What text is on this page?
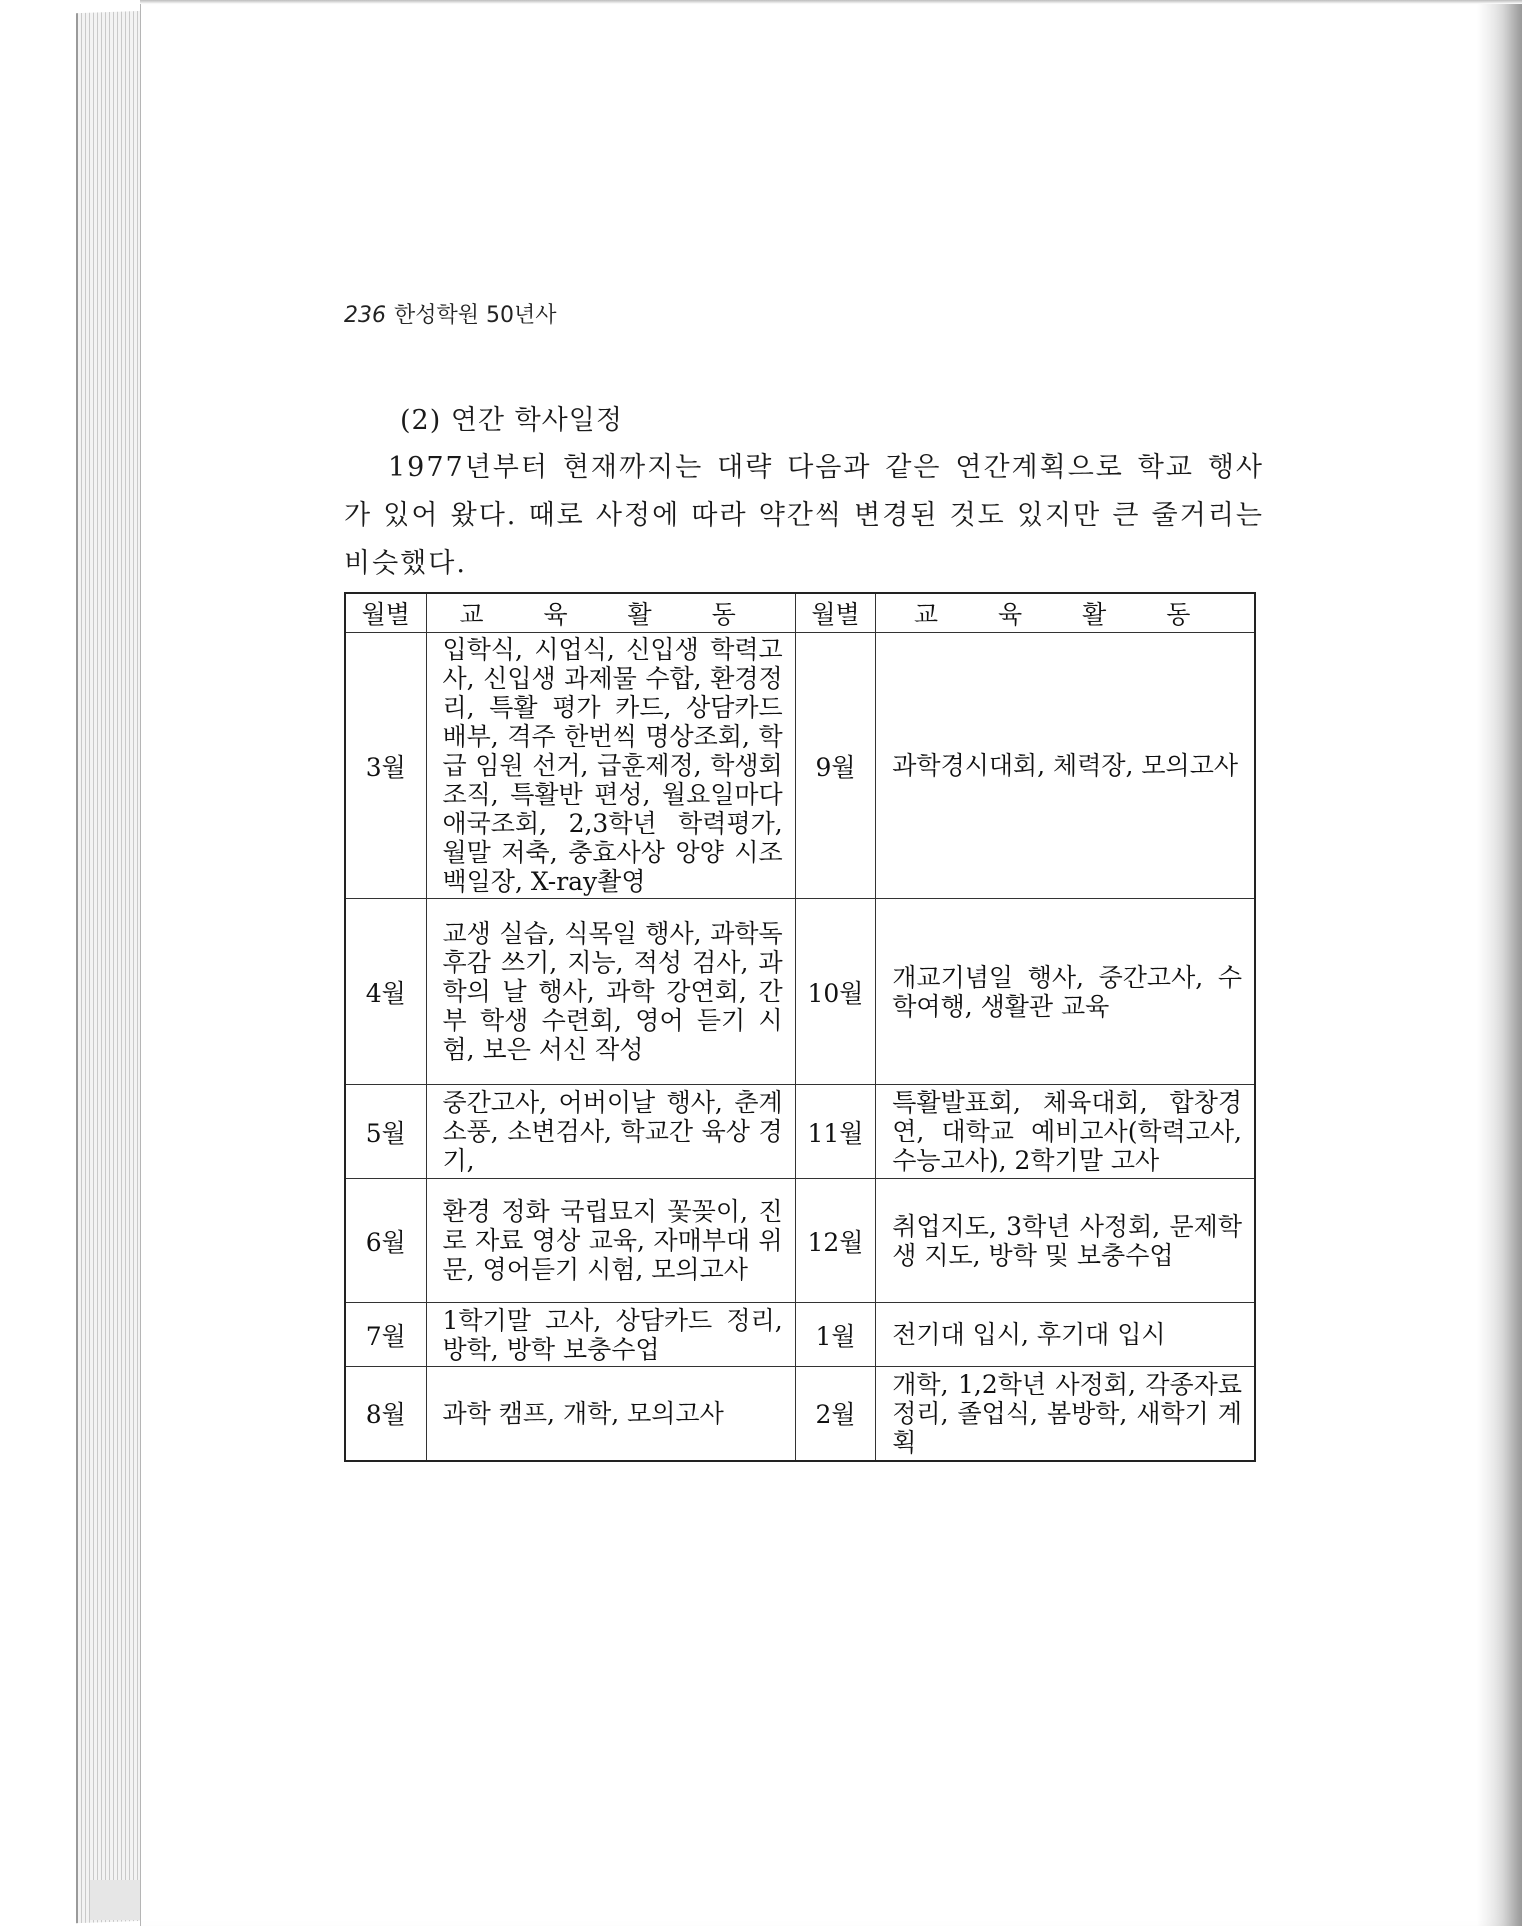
236 한성학원 50년사
(2) 연간 학사일정
1977년부터 현재까지는 대략 다음과 같은 연간계획으로 학교 행사가 있어 왔다. 때로 사정에 따라 약간씩 변경된 것도 있지만 큰 줄거리는 비슷했다.
월별	교 육 활 동	월별	교 육 활 동
3월	입학식, 시업식, 신입생 학력고사, 신입생 과제물 수합, 환경정리, 특활 평가 카드, 상담카드 배부, 격주 한번씩 명상조회, 학급 임원 선거, 급훈제정, 학생회 조직, 특활반 편성, 월요일마다 애국조회, 2,3학년 학력평가, 월말 저축, 충효사상 앙양 시조 백일장, X-ray촬영	9월	과학경시대회, 체력장, 모의고사
4월	교생 실습, 식목일 행사, 과학독후감 쓰기, 지능, 적성 검사, 과학의 날 행사, 과학 강연회, 간부 학생 수련회, 영어 듣기 시험, 보은 서신 작성	10월	개교기념일 행사, 중간고사, 수학여행, 생활관 교육
5월	중간고사, 어버이날 행사, 춘계소풍, 소변검사, 학교간 육상 경기,	11월	특활발표회, 체육대회, 합창경연, 대학교 예비고사(학력고사, 수능고사), 2학기말 고사
6월	환경 정화 국립묘지 꽃꽂이, 진로 자료 영상 교육, 자매부대 위문, 영어듣기 시험, 모의고사	12월	취업지도, 3학년 사정회, 문제학생 지도, 방학 및 보충수업
7월	1학기말 고사, 상담카드 정리, 방학, 방학 보충수업	1월	전기대 입시, 후기대 입시
8월	과학 캠프, 개학, 모의고사	2월	개학, 1,2학년 사정회, 각종자료 정리, 졸업식, 봄방학, 새학기 계획
